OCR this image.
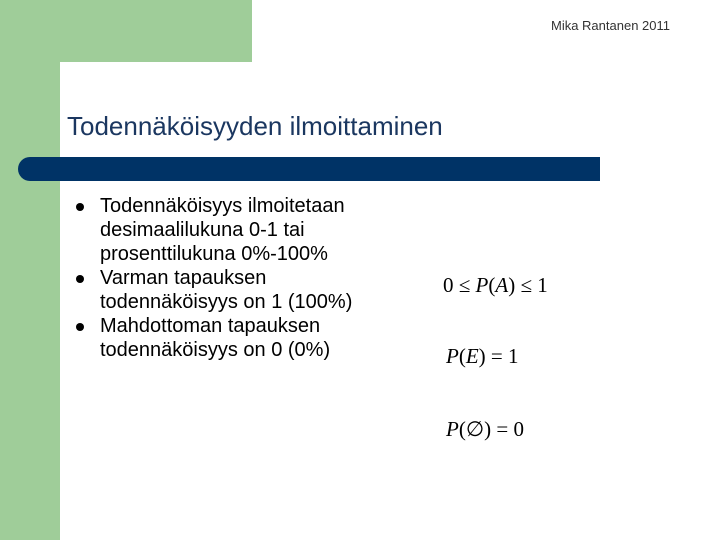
Mika Rantanen 2011
Todennäköisyyden ilmoittaminen
Todennäköisyys ilmoitetaan desimaalilukuna 0-1 tai prosenttilukuna 0%-100%
Varman tapauksen todennäköisyys on 1 (100%)
Mahdottoman tapauksen todennäköisyys on 0 (0%)
0 ≤ P(A) ≤ 1
P(E) = 1
P(∅) = 0
